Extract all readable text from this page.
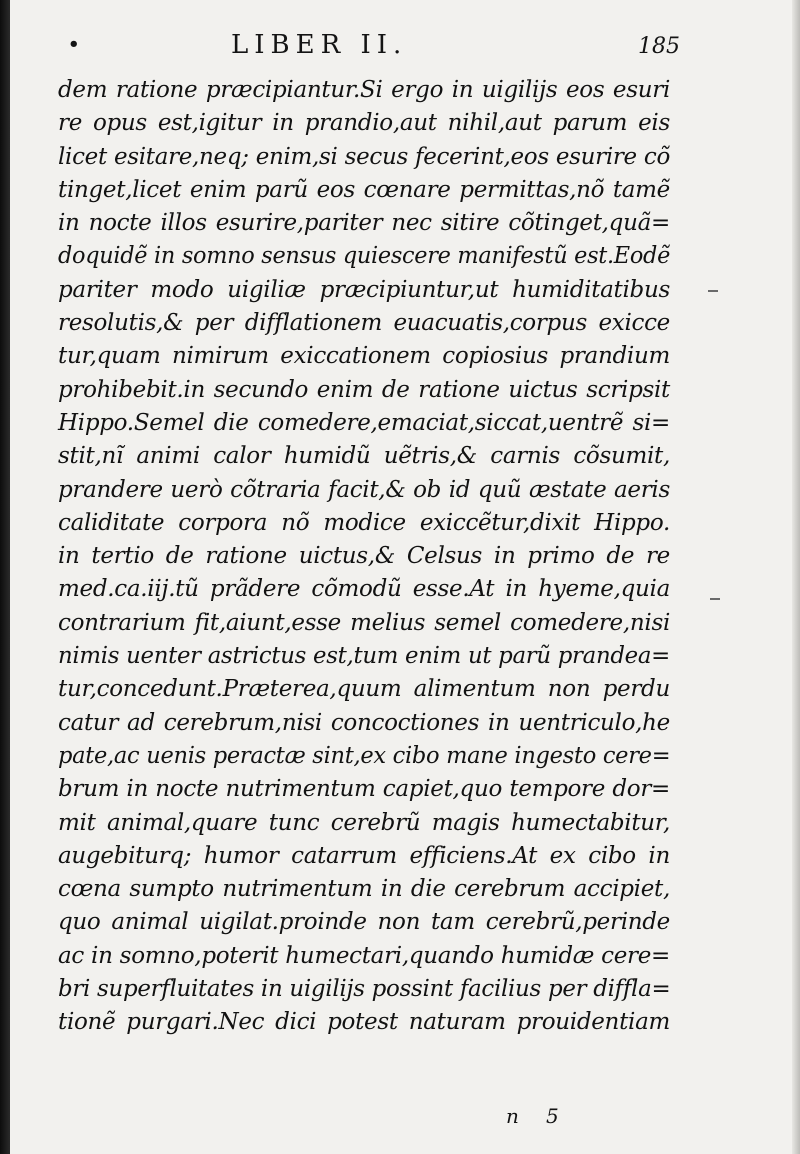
•	LIBER II.	185
dem ratione præcipiantur.Si ergo in uigilijs eos esuri
re opus est,igitur in prandio,aut nihil,aut parum eis
licet esitare,neq; enim,si secus fecerint,eos esurire cõ
tinget,licet enim parũ eos cœnare permittas,nõ tamẽ
in nocte illos esurire,pariter nec sitire cõtinget,quã=
doquidẽ in somno sensus quiescere manifestũ est.Eodẽ
pariter modo uigiliæ præcipiuntur,ut humiditatibus
resolutis,& per difflationem euacuatis,corpus exicce
tur,quam nimirum exiccationem copiosius prandium
prohibebit.in secundo enim de ratione uictus scripsit
Hippo.Semel die comedere,emaciat,siccat,uentrẽ si=
stit,nĩ animi calor humidũ uẽtris,& carnis cõsumit,
prandere uerò cõtraria facit,& ob id quũ æstate aeris
caliditate corpora nõ modice exiccẽtur,dixit Hippo.
in tertio de ratione uictus,& Celsus in primo de re
med.ca.iij.tũ prãdere cõmodũ esse.At in hyeme,quia
contrarium fit,aiunt,esse melius semel comedere,nisi
nimis uenter astrictus est,tum enim ut parũ prandea=
tur,concedunt.Præterea,quum alimentum non perdu
catur ad cerebrum,nisi concoctiones in uentriculo,he
pate,ac uenis peractæ sint,ex cibo mane ingesto cere=
brum in nocte nutrimentum capiet,quo tempore dor=
mit animal,quare tunc cerebrũ magis humectabitur,
augebiturq; humor catarrum efficiens.At ex cibo in
cœna sumpto nutrimentum in die cerebrum accipiet,
quo animal uigilat.proinde non tam cerebrũ,perinde
ac in somno,poterit humectari,quando humidæ cere=
bri superfluitates in uigilijs possint facilius per diffla=
tionẽ purgari.Nec dici potest naturam prouidentiam
n 5
